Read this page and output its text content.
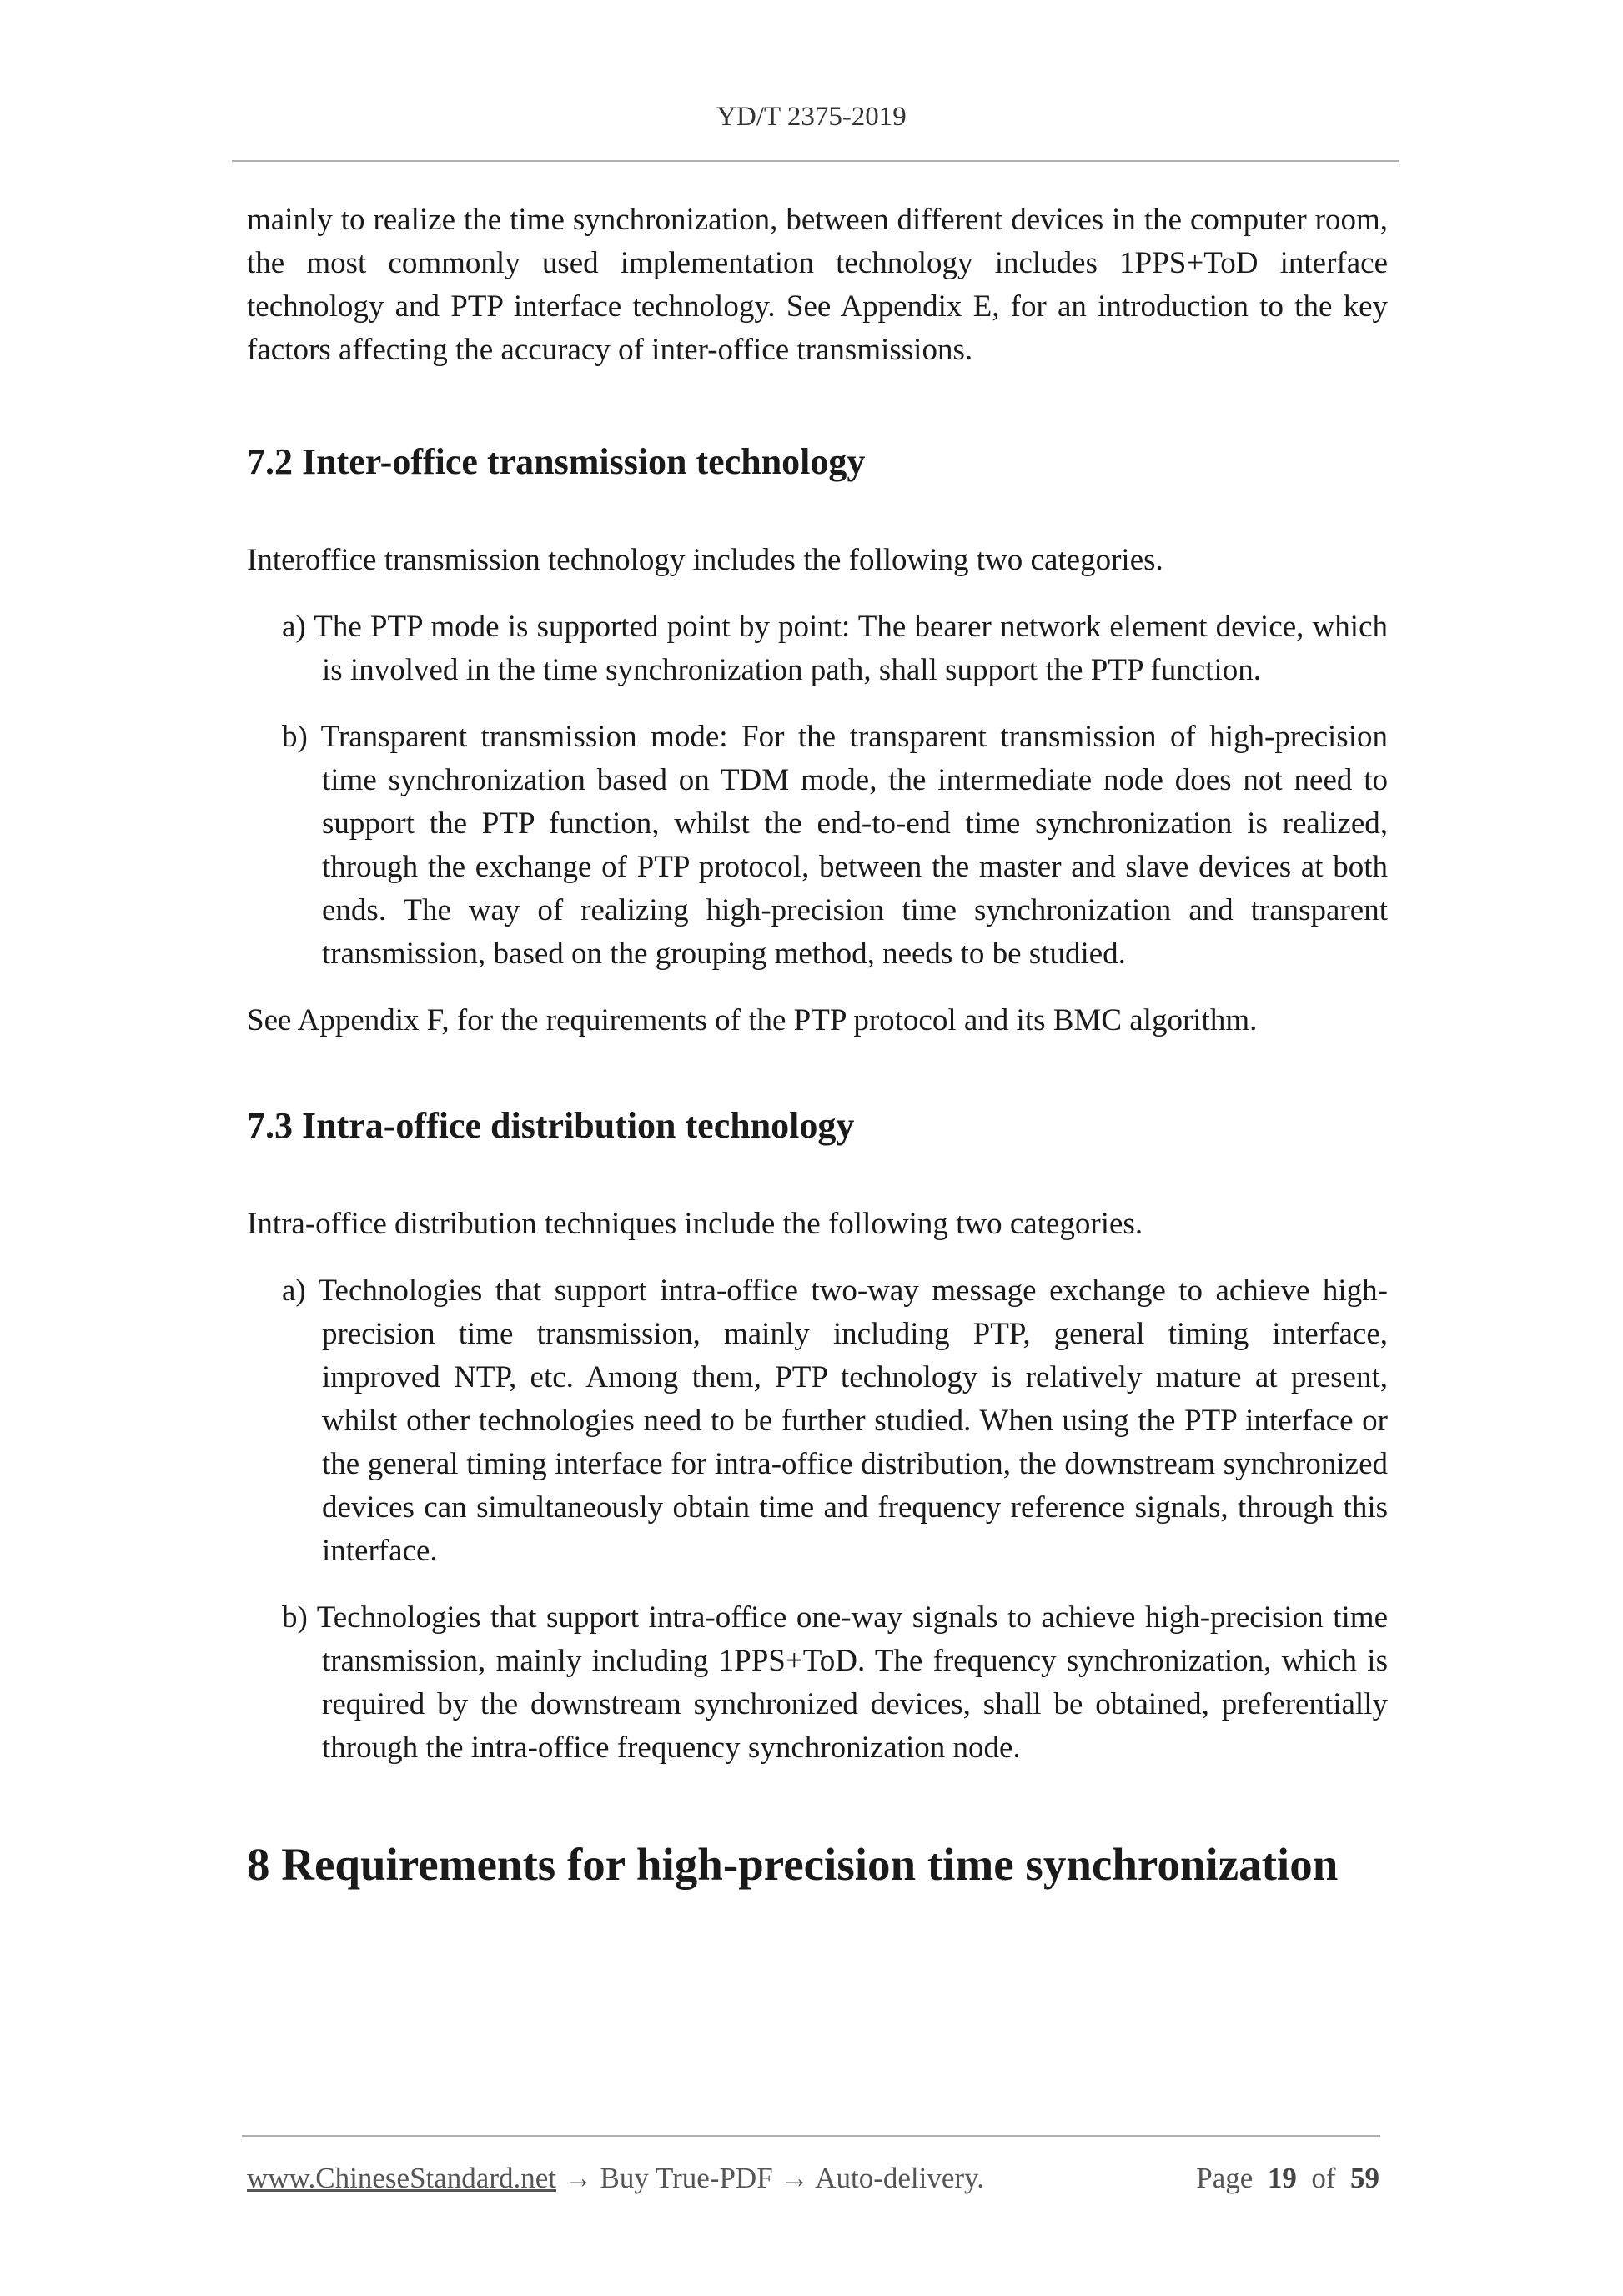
YD/T 2375-2019

mainly to realize the time synchronization, between different devices in the computer room, the most commonly used implementation technology includes 1PPS+ToD interface technology and PTP interface technology. See Appendix E, for an introduction to the key factors affecting the accuracy of inter-office transmissions.

7.2 Inter-office transmission technology

Interoffice transmission technology includes the following two categories.

a) The PTP mode is supported point by point: The bearer network element device, which is involved in the time synchronization path, shall support the PTP function.
b) Transparent transmission mode: For the transparent transmission of high-precision time synchronization based on TDM mode, the intermediate node does not need to support the PTP function, whilst the end-to-end time synchronization is realized, through the exchange of PTP protocol, between the master and slave devices at both ends. The way of realizing high-precision time synchronization and transparent transmission, based on the grouping method, needs to be studied.

See Appendix F, for the requirements of the PTP protocol and its BMC algorithm.

7.3 Intra-office distribution technology

Intra-office distribution techniques include the following two categories.

a) Technologies that support intra-office two-way message exchange to achieve high-precision time transmission, mainly including PTP, general timing interface, improved NTP, etc. Among them, PTP technology is relatively mature at present, whilst other technologies need to be further studied. When using the PTP interface or the general timing interface for intra-office distribution, the downstream synchronized devices can simultaneously obtain time and frequency reference signals, through this interface.
b) Technologies that support intra-office one-way signals to achieve high-precision time transmission, mainly including 1PPS+ToD. The frequency synchronization, which is required by the downstream synchronized devices, shall be obtained, preferentially through the intra-office frequency synchronization node.
8 Requirements for high-precision time synchronization
www.ChineseStandard.net → Buy True-PDF → Auto-delivery.	Page 19 of 59
